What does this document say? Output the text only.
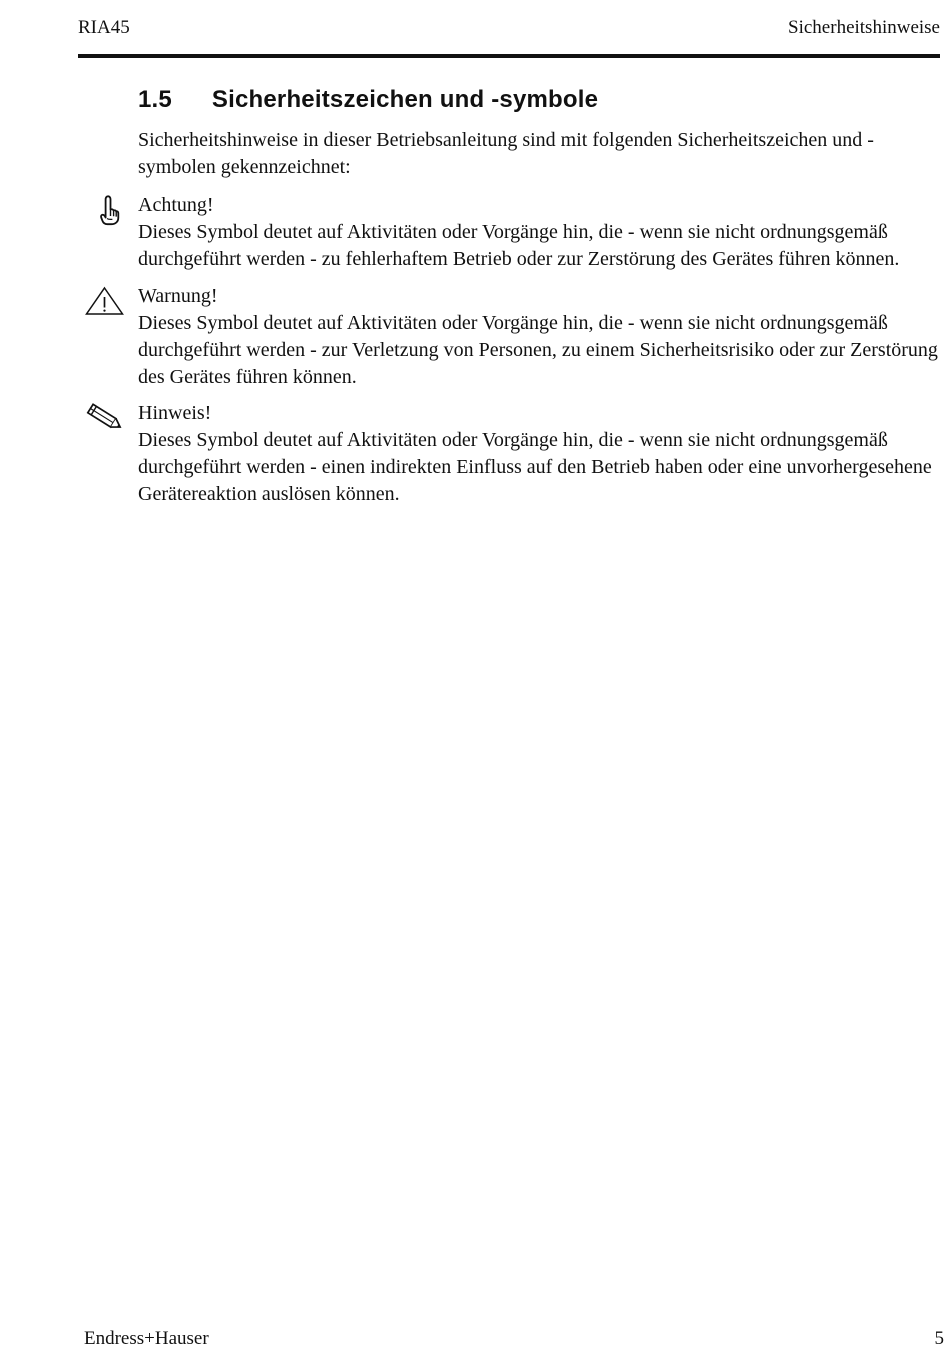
RIA45	Sicherheitshinweise
1.5 Sicherheitszeichen und -symbole

Sicherheitshinweise in dieser Betriebsanleitung sind mit folgenden Sicherheitszeichen und -symbolen gekennzeichnet:

Achtung!
Dieses Symbol deutet auf Aktivitäten oder Vorgänge hin, die - wenn sie nicht ordnungsgemäß durchgeführt werden - zu fehlerhaftem Betrieb oder zur Zerstörung des Gerätes führen können.
Warnung!
Dieses Symbol deutet auf Aktivitäten oder Vorgänge hin, die - wenn sie nicht ordnungsgemäß durchgeführt werden - zur Verletzung von Personen, zu einem Sicherheitsrisiko oder zur Zerstörung des Gerätes führen können.
Hinweis!
Dieses Symbol deutet auf Aktivitäten oder Vorgänge hin, die - wenn sie nicht ordnungsgemäß durchgeführt werden - einen indirekten Einfluss auf den Betrieb haben oder eine unvorhergesehene Gerätereaktion auslösen können.
Endress+Hauser	5
